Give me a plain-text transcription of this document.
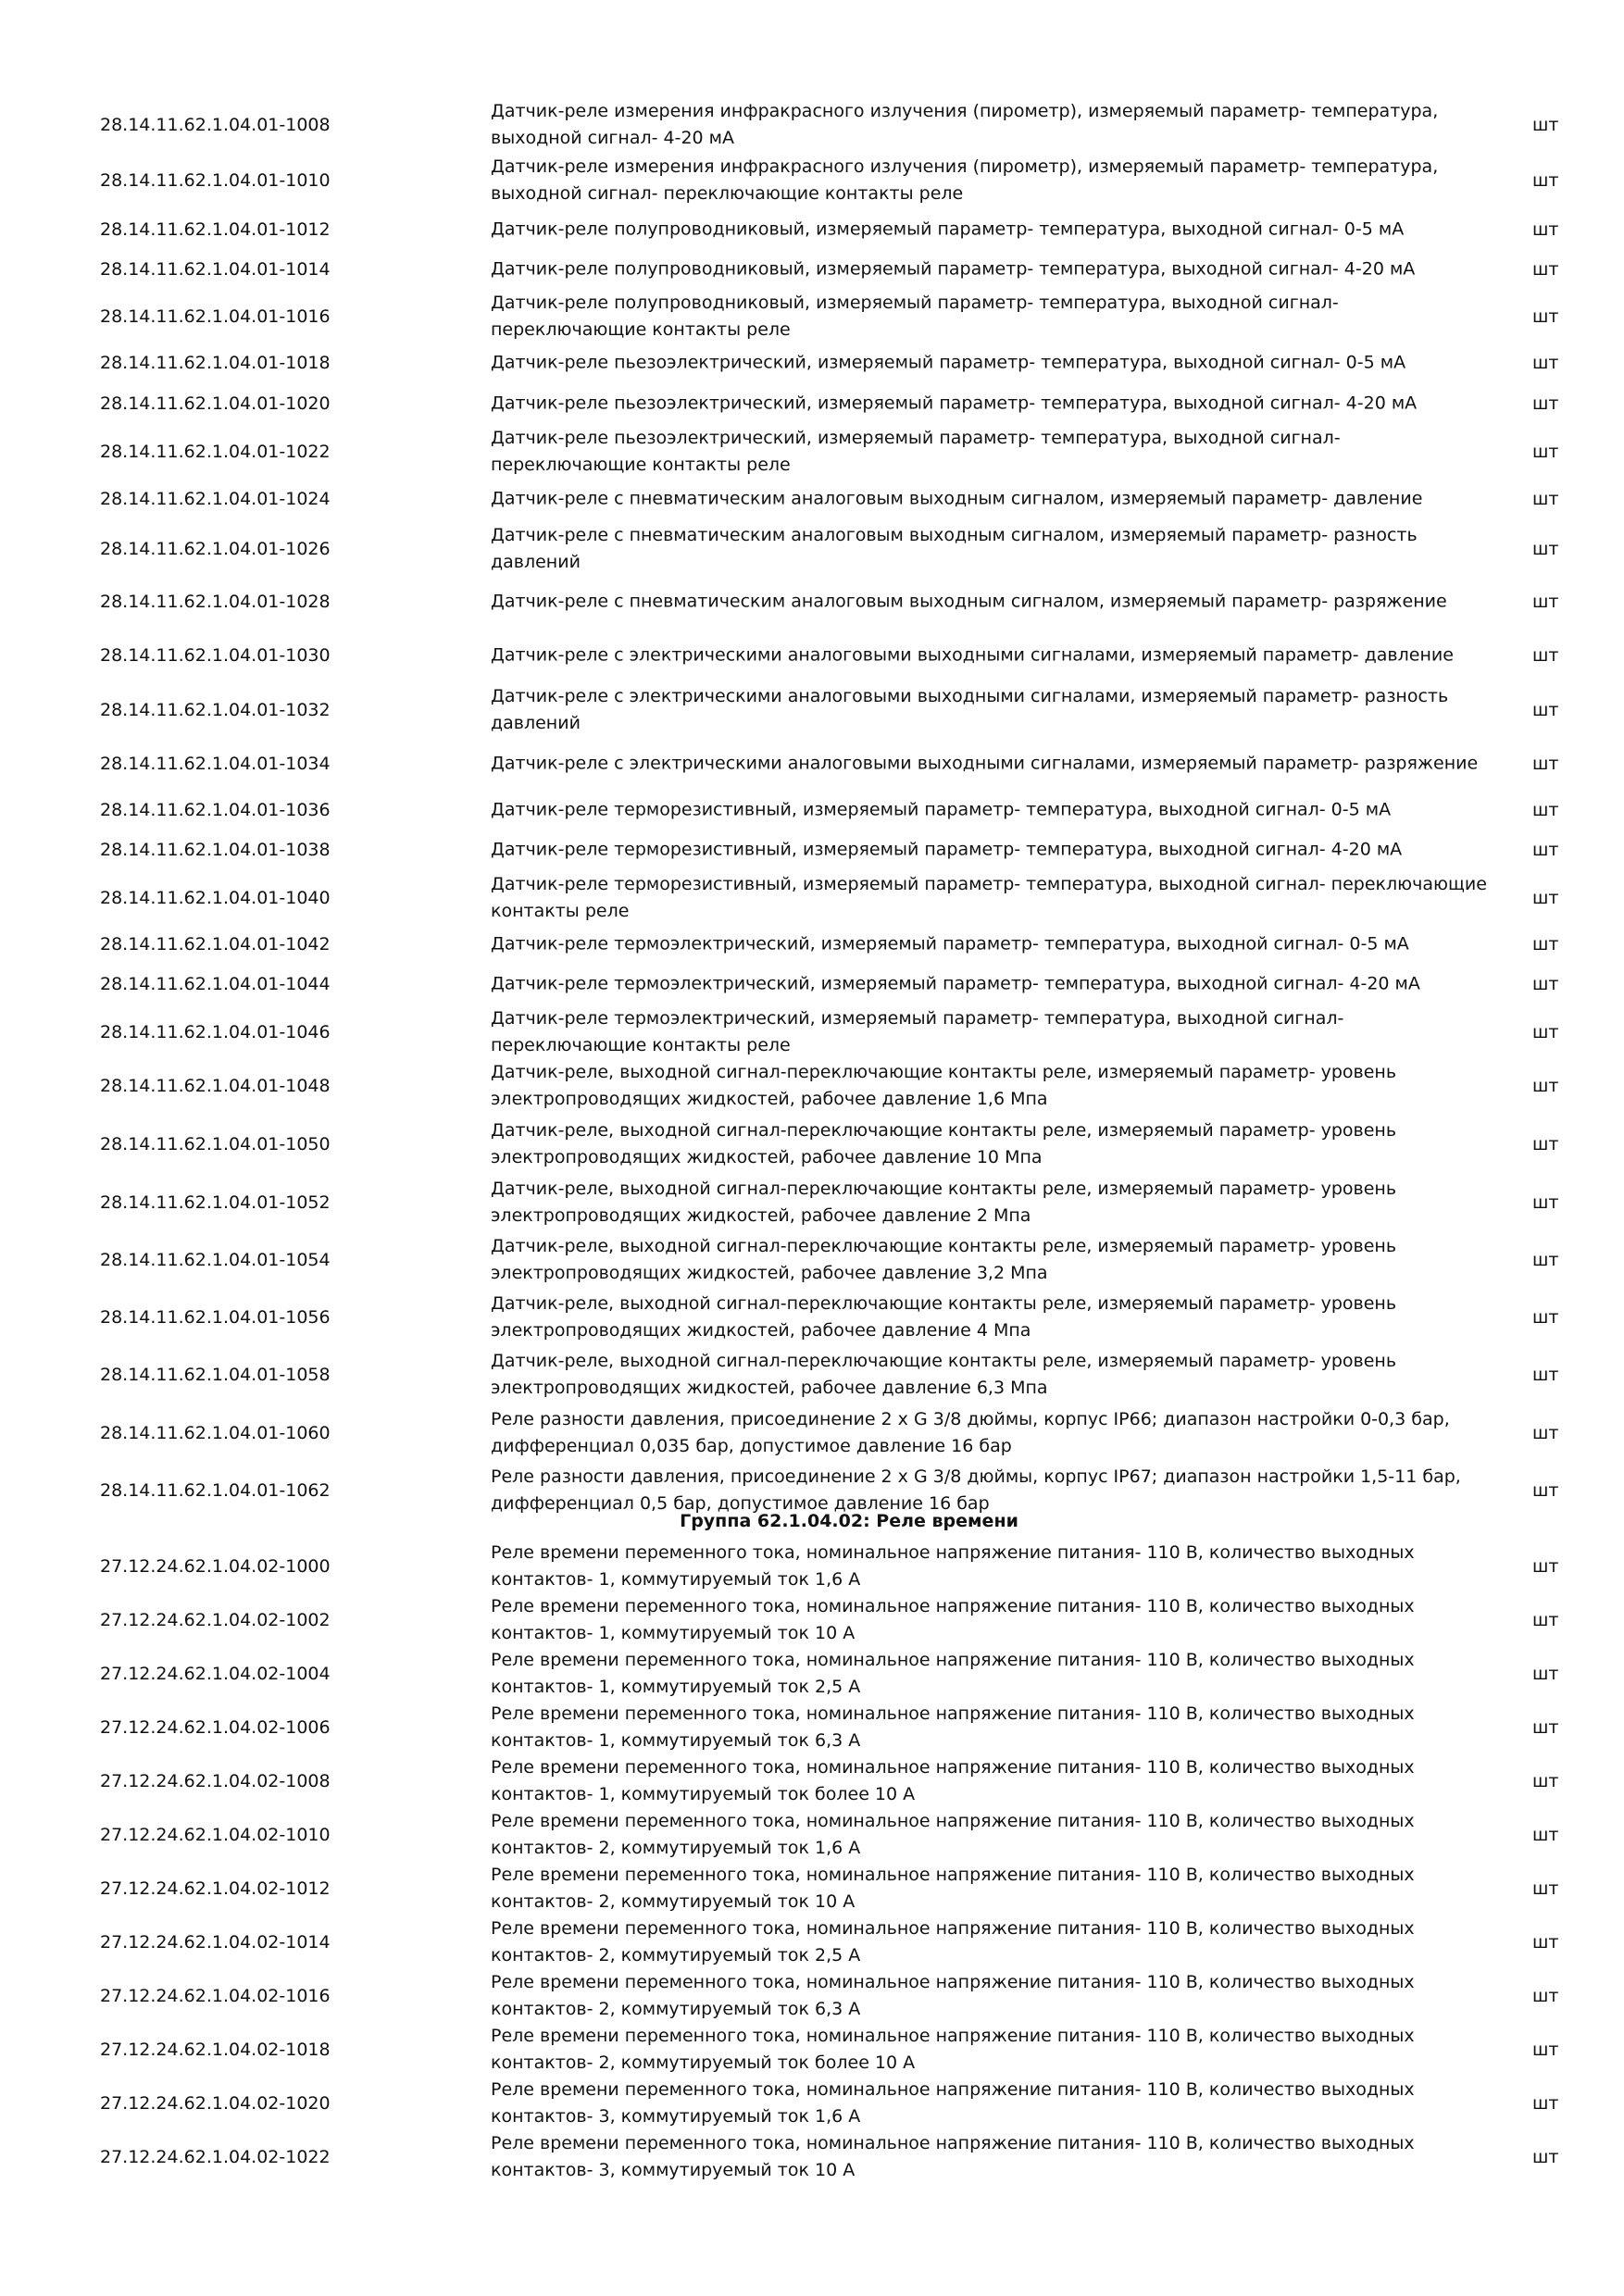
28.14.11.62.1.04.01-1008
Датчик-реле измерения инфракрасного излучения (пирометр), измеряемый параметр- температура, выходной сигнал- 4-20 мА
шт
28.14.11.62.1.04.01-1010
Датчик-реле измерения инфракрасного излучения (пирометр), измеряемый параметр- температура, выходной сигнал- переключающие контакты реле
шт
28.14.11.62.1.04.01-1012	Датчик-реле полупроводниковый, измеряемый параметр- температура, выходной сигнал- 0-5 мА	шт
28.14.11.62.1.04.01-1014	Датчик-реле полупроводниковый, измеряемый параметр- температура, выходной сигнал- 4-20 мА	шт
28.14.11.62.1.04.01-1016
Датчик-реле полупроводниковый, измеряемый параметр- температура, выходной сигнал- переключающие контакты реле
шт
28.14.11.62.1.04.01-1018	Датчик-реле пьезоэлектрический, измеряемый параметр- температура, выходной сигнал- 0-5 мА	шт
28.14.11.62.1.04.01-1020	Датчик-реле пьезоэлектрический, измеряемый параметр- температура, выходной сигнал- 4-20 мА	шт
28.14.11.62.1.04.01-1022
Датчик-реле пьезоэлектрический, измеряемый параметр- температура, выходной сигнал- переключающие контакты реле
шт
28.14.11.62.1.04.01-1024	Датчик-реле с пневматическим аналоговым выходным сигналом, измеряемый параметр- давление	шт
28.14.11.62.1.04.01-1026
Датчик-реле с пневматическим аналоговым выходным сигналом, измеряемый параметр- разность давлений
шт
28.14.11.62.1.04.01-1028	Датчик-реле с пневматическим аналоговым выходным сигналом, измеряемый параметр- разряжение	шт
28.14.11.62.1.04.01-1030	Датчик-реле с электрическими аналоговыми выходными сигналами, измеряемый параметр- давление	шт
28.14.11.62.1.04.01-1032
Датчик-реле с электрическими аналоговыми выходными сигналами, измеряемый параметр- разность давлений
шт
28.14.11.62.1.04.01-1034	Датчик-реле с электрическими аналоговыми выходными сигналами, измеряемый параметр- разряжение	шт
28.14.11.62.1.04.01-1036	Датчик-реле терморезистивный, измеряемый параметр- температура, выходной сигнал- 0-5 мА	шт
28.14.11.62.1.04.01-1038	Датчик-реле терморезистивный, измеряемый параметр- температура, выходной сигнал- 4-20 мА	шт
28.14.11.62.1.04.01-1040
Датчик-реле терморезистивный, измеряемый параметр- температура, выходной сигнал- переключающие контакты реле
шт
28.14.11.62.1.04.01-1042	Датчик-реле термоэлектрический, измеряемый параметр- температура, выходной сигнал- 0-5 мА	шт
28.14.11.62.1.04.01-1044	Датчик-реле термоэлектрический, измеряемый параметр- температура, выходной сигнал- 4-20 мА	шт
28.14.11.62.1.04.01-1046
Датчик-реле термоэлектрический, измеряемый параметр- температура, выходной сигнал- переключающие контакты реле
шт
28.14.11.62.1.04.01-1048
Датчик-реле, выходной сигнал-переключающие контакты реле, измеряемый параметр- уровень электропроводящих жидкостей, рабочее давление 1,6 Мпа
шт
28.14.11.62.1.04.01-1050
Датчик-реле, выходной сигнал-переключающие контакты реле, измеряемый параметр- уровень электропроводящих жидкостей, рабочее давление 10 Мпа
шт
28.14.11.62.1.04.01-1052
Датчик-реле, выходной сигнал-переключающие контакты реле, измеряемый параметр- уровень электропроводящих жидкостей, рабочее давление 2 Мпа
шт
28.14.11.62.1.04.01-1054
Датчик-реле, выходной сигнал-переключающие контакты реле, измеряемый параметр- уровень электропроводящих жидкостей, рабочее давление 3,2 Мпа
шт
28.14.11.62.1.04.01-1056
Датчик-реле, выходной сигнал-переключающие контакты реле, измеряемый параметр- уровень электропроводящих жидкостей, рабочее давление 4 Мпа
шт
28.14.11.62.1.04.01-1058
Датчик-реле, выходной сигнал-переключающие контакты реле, измеряемый параметр- уровень электропроводящих жидкостей, рабочее давление 6,3 Мпа
шт
28.14.11.62.1.04.01-1060
Реле разности давления, присоединение 2 x G 3/8 дюймы, корпус IP66; диапазон настройки 0-0,3 бар, дифференциал 0,035 бар, допустимое давление 16 бар
шт
28.14.11.62.1.04.01-1062
Реле разности давления, присоединение 2 x G 3/8 дюймы, корпус IP67; диапазон настройки 1,5-11 бар, дифференциал 0,5 бар, допустимое давление 16 бар
шт
Группа 62.1.04.02: Реле времени
27.12.24.62.1.04.02-1000
Реле времени переменного тока, номинальное напряжение питания- 110 В, количество выходных контактов- 1, коммутируемый ток 1,6 А
шт
27.12.24.62.1.04.02-1002
Реле времени переменного тока, номинальное напряжение питания- 110 В, количество выходных контактов- 1, коммутируемый ток 10 А
шт
27.12.24.62.1.04.02-1004
Реле времени переменного тока, номинальное напряжение питания- 110 В, количество выходных контактов- 1, коммутируемый ток 2,5 А
шт
27.12.24.62.1.04.02-1006
Реле времени переменного тока, номинальное напряжение питания- 110 В, количество выходных контактов- 1, коммутируемый ток 6,3 А
шт
27.12.24.62.1.04.02-1008
Реле времени переменного тока, номинальное напряжение питания- 110 В, количество выходных контактов- 1, коммутируемый ток более 10 А
шт
27.12.24.62.1.04.02-1010
Реле времени переменного тока, номинальное напряжение питания- 110 В, количество выходных контактов- 2, коммутируемый ток 1,6 А
шт
27.12.24.62.1.04.02-1012
Реле времени переменного тока, номинальное напряжение питания- 110 В, количество выходных контактов- 2, коммутируемый ток 10 А
шт
27.12.24.62.1.04.02-1014
Реле времени переменного тока, номинальное напряжение питания- 110 В, количество выходных контактов- 2, коммутируемый ток 2,5 А
шт
27.12.24.62.1.04.02-1016
Реле времени переменного тока, номинальное напряжение питания- 110 В, количество выходных контактов- 2, коммутируемый ток 6,3 А
шт
27.12.24.62.1.04.02-1018
Реле времени переменного тока, номинальное напряжение питания- 110 В, количество выходных контактов- 2, коммутируемый ток более 10 А
шт
27.12.24.62.1.04.02-1020
Реле времени переменного тока, номинальное напряжение питания- 110 В, количество выходных контактов- 3, коммутируемый ток 1,6 А
шт
27.12.24.62.1.04.02-1022
Реле времени переменного тока, номинальное напряжение питания- 110 В, количество выходных контактов- 3, коммутируемый ток 10 А
шт
